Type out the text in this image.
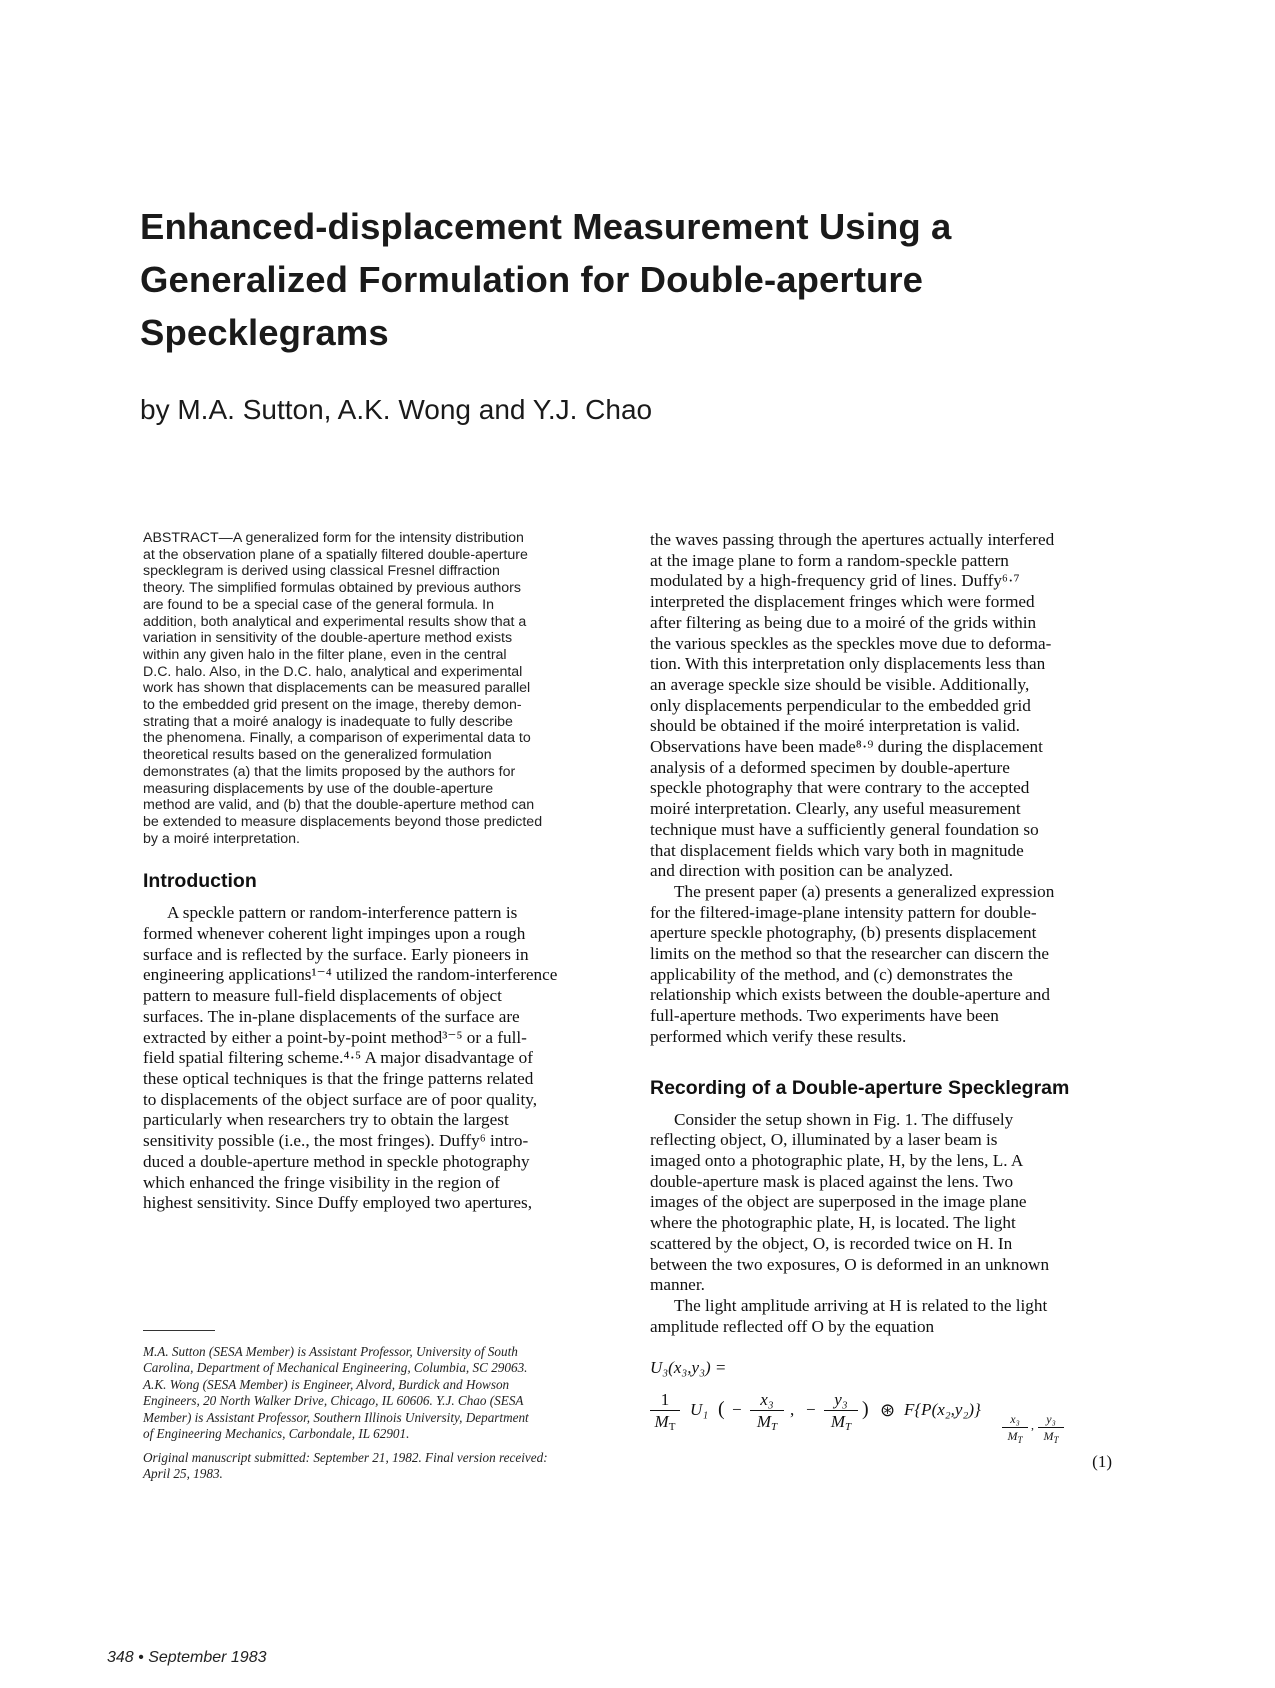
Enhanced-displacement Measurement Using a
Generalized Formulation for Double-aperture
Specklegrams

by M.A. Sutton, A.K. Wong and Y.J. Chao

ABSTRACT—A generalized form for the intensity distribution
at the observation plane of a spatially filtered double-aperture
specklegram is derived using classical Fresnel diffraction
theory. The simplified formulas obtained by previous authors
are found to be a special case of the general formula. In
addition, both analytical and experimental results show that a
variation in sensitivity of the double-aperture method exists
within any given halo in the filter plane, even in the central
D.C. halo. Also, in the D.C. halo, analytical and experimental
work has shown that displacements can be measured parallel
to the embedded grid present on the image, thereby demon-
strating that a moiré analogy is inadequate to fully describe
the phenomena. Finally, a comparison of experimental data to
theoretical results based on the generalized formulation
demonstrates (a) that the limits proposed by the authors for
measuring displacements by use of the double-aperture
method are valid, and (b) that the double-aperture method can
be extended to measure displacements beyond those predicted
by a moiré interpretation.

Introduction

A speckle pattern or random-interference pattern is
formed whenever coherent light impinges upon a rough
surface and is reflected by the surface. Early pioneers in
engineering applications¹⁻⁴ utilized the random-interference
pattern to measure full-field displacements of object
surfaces. The in-plane displacements of the surface are
extracted by either a point-by-point method³⁻⁵ or a full-
field spatial filtering scheme.⁴·⁵ A major disadvantage of
these optical techniques is that the fringe patterns related
to displacements of the object surface are of poor quality,
particularly when researchers try to obtain the largest
sensitivity possible (i.e., the most fringes). Duffy⁶ intro-
duced a double-aperture method in speckle photography
which enhanced the fringe visibility in the region of
highest sensitivity. Since Duffy employed two apertures,

M.A. Sutton (SESA Member) is Assistant Professor, University of South
Carolina, Department of Mechanical Engineering, Columbia, SC 29063.
A.K. Wong (SESA Member) is Engineer, Alvord, Burdick and Howson
Engineers, 20 North Walker Drive, Chicago, IL 60606. Y.J. Chao (SESA
Member) is Assistant Professor, Southern Illinois University, Department
of Engineering Mechanics, Carbondale, IL 62901.

Original manuscript submitted: September 21, 1982. Final version received:
April 25, 1983.

the waves passing through the apertures actually interfered
at the image plane to form a random-speckle pattern
modulated by a high-frequency grid of lines. Duffy⁶·⁷
interpreted the displacement fringes which were formed
after filtering as being due to a moiré of the grids within
the various speckles as the speckles move due to deforma-
tion. With this interpretation only displacements less than
an average speckle size should be visible. Additionally,
only displacements perpendicular to the embedded grid
should be obtained if the moiré interpretation is valid.
Observations have been made⁸·⁹ during the displacement
analysis of a deformed specimen by double-aperture
speckle photography that were contrary to the accepted
moiré interpretation. Clearly, any useful measurement
technique must have a sufficiently general foundation so
that displacement fields which vary both in magnitude
and direction with position can be analyzed.

The present paper (a) presents a generalized expression
for the filtered-image-plane intensity pattern for double-
aperture speckle photography, (b) presents displacement
limits on the method so that the researcher can discern the
applicability of the method, and (c) demonstrates the
relationship which exists between the double-aperture and
full-aperture methods. Two experiments have been
performed which verify these results.

Recording of a Double-aperture Specklegram

Consider the setup shown in Fig. 1. The diffusely
reflecting object, O, illuminated by a laser beam is
imaged onto a photographic plate, H, by the lens, L. A
double-aperture mask is placed against the lens. Two
images of the object are superposed in the image plane
where the photographic plate, H, is located. The light
scattered by the object, O, is recorded twice on H. In
between the two exposures, O is deformed in an unknown
manner.

The light amplitude arriving at H is related to the light
amplitude reflected off O by the equation

U₃(x₃,y₃) =
1
$M_T$
U₁ ( −
x₃
$M_T$
, −
y₃
$M_T$
) ⊛ F{P(x₂,y₂)}	x₃
$M_T$
,	y₃
$M_T$
(1)

348 • September 1983
